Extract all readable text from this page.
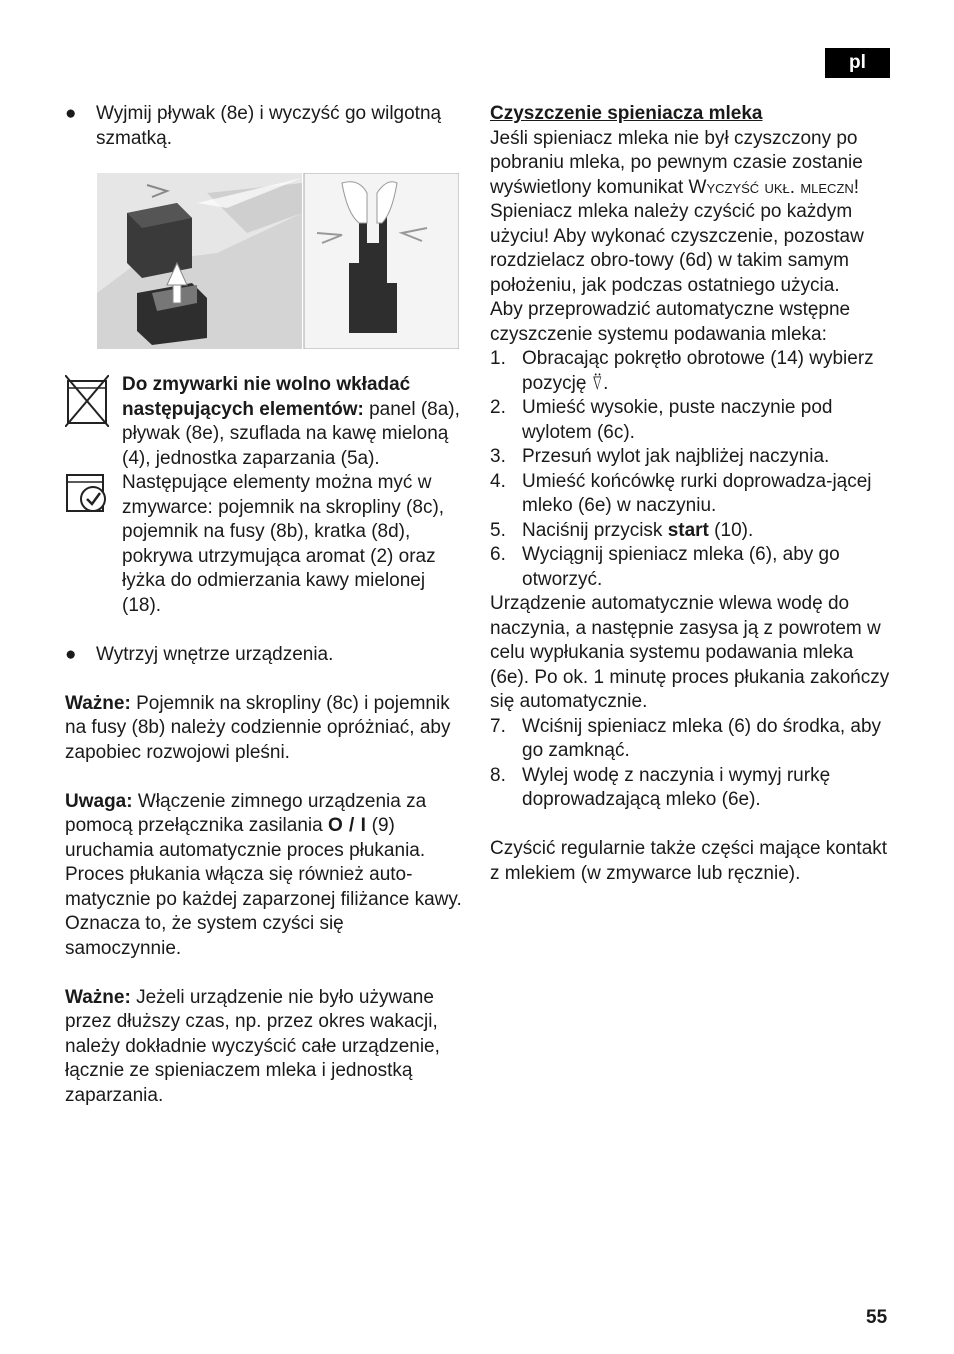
pl
● Wyjmij pływak (8e) i wyczyść go wilgotną szmatką.

Do zmywarki nie wolno wkładać następujących elementów: panel (8a), pływak (8e), szuflada na kawę mieloną (4), jednostka zaparzania (5a).

Następujące elementy można myć w zmywarce: pojemnik na skropliny (8c), pojemnik na fusy (8b), kratka (8d), pokrywa utrzymująca aromat (2) oraz łyżka do odmierzania kawy mielonej (18).

● Wytrzyj wnętrze urządzenia.

Ważne: Pojemnik na skropliny (8c) i pojemnik na fusy (8b) należy codziennie opróżniać, aby zapobiec rozwojowi pleśni.

Uwaga: Włączenie zimnego urządzenia za pomocą przełącznika zasilania O / I (9) uruchamia automatycznie proces płukania. Proces płukania włącza się również auto-matycznie po każdej zaparzonej filiżance kawy. Oznacza to, że system czyści się samoczynnie.

Ważne: Jeżeli urządzenie nie było używane przez dłuższy czas, np. przez okres wakacji, należy dokładnie wyczyścić całe urządzenie, łącznie ze spieniaczem mleka i jednostką zaparzania.

Czyszczenie spieniacza mleka

Jeśli spieniacz mleka nie był czyszczony po pobraniu mleka, po pewnym czasie zostanie wyświetlony komunikat Wyczyść ukł. mleczn! Spieniacz mleka należy czyścić po każdym użyciu! Aby wykonać czyszczenie, pozostaw rozdzielacz obro-towy (6d) w takim samym położeniu, jak podczas ostatniego użycia.

Aby przeprowadzić automatyczne wstępne czyszczenie systemu podawania mleka:

1. Obracając pokrętło obrotowe (14) wybierz pozycję ⍢.
2. Umieść wysokie, puste naczynie pod wylotem (6c).
3. Przesuń wylot jak najbliżej naczynia.
4. Umieść końcówkę rurki doprowadza-jącej mleko (6e) w naczyniu.
5. Naciśnij przycisk start (10).
6. Wyciągnij spieniacz mleka (6), aby go otworzyć.

Urządzenie automatycznie wlewa wodę do naczynia, a następnie zasysa ją z powrotem w celu wypłukania systemu podawania mleka (6e). Po ok. 1 minutę proces płukania zakończy się automatycznie.

7. Wciśnij spieniacz mleka (6) do środka, aby go zamknąć.
8. Wylej wodę z naczynia i wymyj rurkę doprowadzającą mleko (6e).

Czyścić regularnie także części mające kontakt z mlekiem (w zmywarce lub ręcznie).

55
